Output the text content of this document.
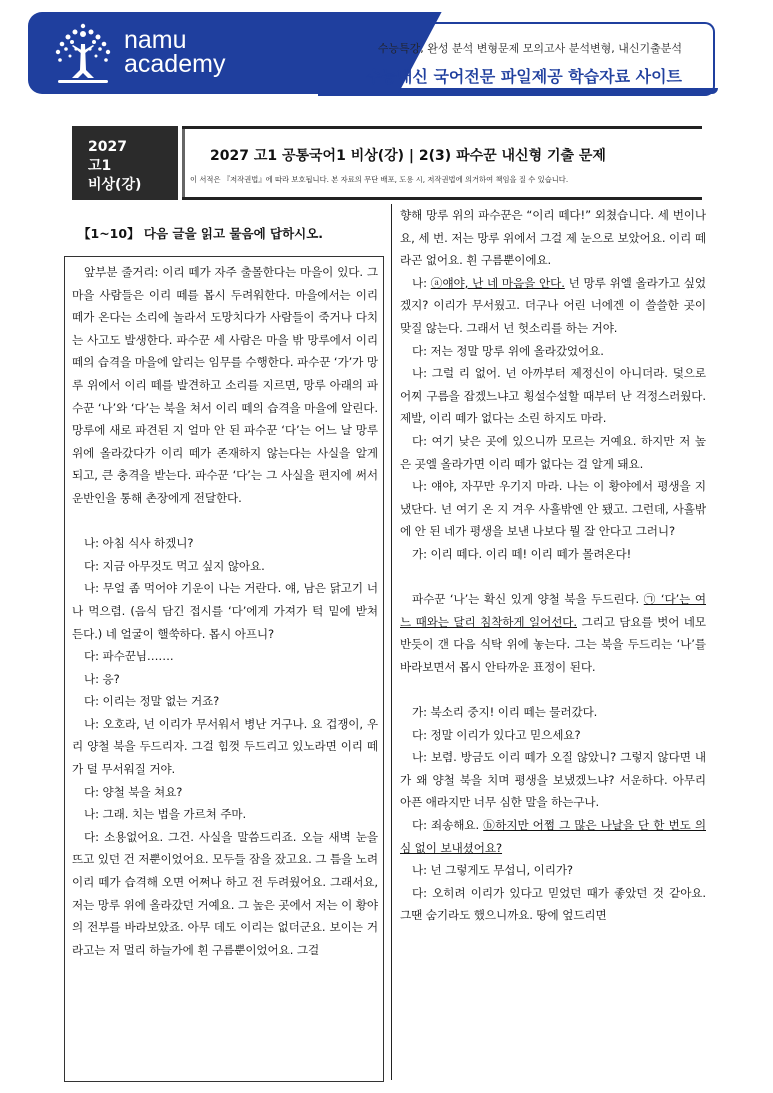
namu
academy
수능특강, 완성 분석 변형문제 모의고사 분석변형, 내신기출분석
수능내신 국어전문 파일제공 학습자료 사이트
2027
고1
비상(강)
2027 고1 공통국어1 비상(강) | 2(3) 파수꾼 내신형 기출 문제
이 서적은 『저작권법』에 따라 보호됩니다. 본 자료의 무단 배포, 도용 시, 저작권법에 의거하여 책임을 질 수 있습니다.
【1~10】 다음 글을 읽고 물음에 답하시오.

앞부분 줄거리: 이리 떼가 자주 출몰한다는 마을이 있다. 그 마을 사람들은 이리 떼를 몹시 두려워한다. 마을에서는 이리 떼가 온다는 소리에 놀라서 도망치다가 사람들이 죽거나 다치는 사고도 발생한다. 파수꾼 세 사람은 마을 밖 망루에서 이리 떼의 습격을 마을에 알리는 임무를 수행한다. 파수꾼 ‘가’가 망루 위에서 이리 떼를 발견하고 소리를 지르면, 망루 아래의 파수꾼 ‘나’와 ‘다’는 북을 쳐서 이리 떼의 습격을 마을에 알린다. 망루에 새로 파견된 지 얼마 안 된 파수꾼 ‘다’는 어느 날 망루 위에 올라갔다가 이리 떼가 존재하지 않는다는 사실을 알게 되고, 큰 충격을 받는다. 파수꾼 ‘다’는 그 사실을 편지에 써서 운반인을 통해 촌장에게 전달한다.

나: 아침 식사 하겠니?

다: 지금 아무것도 먹고 싶지 않아요.

나: 무얼 좀 먹어야 기운이 나는 거란다. 얘, 남은 닭고기 너나 먹으렴. (음식 담긴 접시를 ‘다’에게 가져가 턱 밑에 받쳐 든다.) 네 얼굴이 핼쑥하다. 몹시 아프니?

다: 파수꾼님…….

나: 응?

다: 이리는 정말 없는 거죠?

나: 오호라, 넌 이리가 무서워서 병난 거구나. 요 겁쟁이, 우리 양철 북을 두드리자. 그걸 힘껏 두드리고 있노라면 이리 떼가 덜 무서워질 거야.

다: 양철 북을 쳐요?

나: 그래. 치는 법을 가르쳐 주마.

다: 소용없어요. 그건. 사실을 말씀드리죠. 오늘 새벽 눈을 뜨고 있던 건 저뿐이었어요. 모두들 잠을 잤고요. 그 틈을 노려 이리 떼가 습격해 오면 어쩌나 하고 전 두려웠어요. 그래서요, 저는 망루 위에 올라갔던 거예요. 그 높은 곳에서 저는 이 황야의 전부를 바라보았죠. 아무 데도 이리는 없더군요. 보이는 거라고는 저 멀리 하늘가에 흰 구름뿐이었어요. 그걸

향해 망루 위의 파수꾼은 “이리 떼다!” 외쳤습니다. 세 번이나요, 세 번. 저는 망루 위에서 그걸 제 눈으로 보았어요. 이리 떼라곤 없어요. 흰 구름뿐이에요.

나: ⓐ얘야, 난 네 마음을 안다. 넌 망루 위엘 올라가고 싶었겠지? 이리가 무서웠고. 더구나 어린 너에겐 이 쓸쓸한 곳이 맞질 않는다. 그래서 넌 헛소리를 하는 거야.

다: 저는 정말 망루 위에 올라갔었어요.

나: 그럴 리 없어. 넌 아까부터 제정신이 아니더라. 덫으로 어찌 구름을 잡겠느냐고 횡설수설할 때부터 난 걱정스러웠다. 제발, 이리 떼가 없다는 소린 하지도 마라.

다: 여기 낮은 곳에 있으니까 모르는 거예요. 하지만 저 높은 곳엘 올라가면 이리 떼가 없다는 걸 알게 돼요.

나: 얘야, 자꾸만 우기지 마라. 나는 이 황야에서 평생을 지냈단다. 넌 여기 온 지 겨우 사흘밖엔 안 됐고. 그런데, 사흘밖에 안 된 네가 평생을 보낸 나보다 뭘 잘 안다고 그러니?

가: 이리 떼다. 이리 떼! 이리 떼가 몰려온다!

파수꾼 ‘나’는 확신 있게 양철 북을 두드린다. ㉠ ‘다’는 여느 때와는 달리 침착하게 일어선다. 그리고 담요를 벗어 네모반듯이 갠 다음 식탁 위에 놓는다. 그는 북을 두드리는 ‘나’를 바라보면서 몹시 안타까운 표정이 된다.

가: 북소리 중지! 이리 떼는 물러갔다.

다: 정말 이리가 있다고 믿으세요?

나: 보렴. 방금도 이리 떼가 오질 않았니? 그렇지 않다면 내가 왜 양철 북을 치며 평생을 보냈겠느냐? 서운하다. 아무리 아픈 애라지만 너무 심한 말을 하는구나.

다: 죄송해요. ⓑ하지만 어쩜 그 많은 나날을 단 한 번도 의심 없이 보내셨어요?

나: 넌 그렇게도 무섭니, 이리가?

다: 오히려 이리가 있다고 믿었던 때가 좋았던 것 같아요. 그땐 숨기라도 했으니까요. 땅에 엎드리면
